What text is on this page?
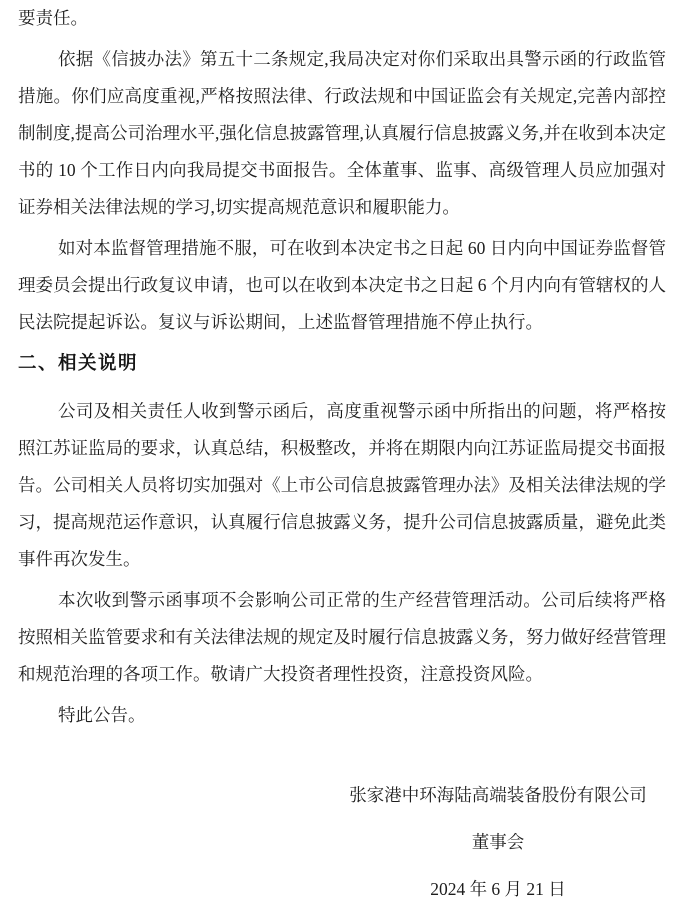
要责任。

依据《信披办法》第五十二条规定,我局决定对你们采取出具警示函的行政监管措施。你们应高度重视,严格按照法律、行政法规和中国证监会有关规定,完善内部控制制度,提高公司治理水平,强化信息披露管理,认真履行信息披露义务,并在收到本决定书的 10 个工作日内向我局提交书面报告。全体董事、监事、高级管理人员应加强对证券相关法律法规的学习,切实提高规范意识和履职能力。

如对本监督管理措施不服，可在收到本决定书之日起 60 日内向中国证券监督管理委员会提出行政复议申请，也可以在收到本决定书之日起 6 个月内向有管辖权的人民法院提起诉讼。复议与诉讼期间，上述监督管理措施不停止执行。

二、相关说明

公司及相关责任人收到警示函后，高度重视警示函中所指出的问题，将严格按照江苏证监局的要求，认真总结，积极整改，并将在期限内向江苏证监局提交书面报告。公司相关人员将切实加强对《上市公司信息披露管理办法》及相关法律法规的学习，提高规范运作意识，认真履行信息披露义务，提升公司信息披露质量，避免此类事件再次发生。

本次收到警示函事项不会影响公司正常的生产经营管理活动。公司后续将严格按照相关监管要求和有关法律法规的规定及时履行信息披露义务，努力做好经营管理和规范治理的各项工作。敬请广大投资者理性投资，注意投资风险。

特此公告。

张家港中环海陆高端装备股份有限公司
董事会
2024 年 6 月 21 日
